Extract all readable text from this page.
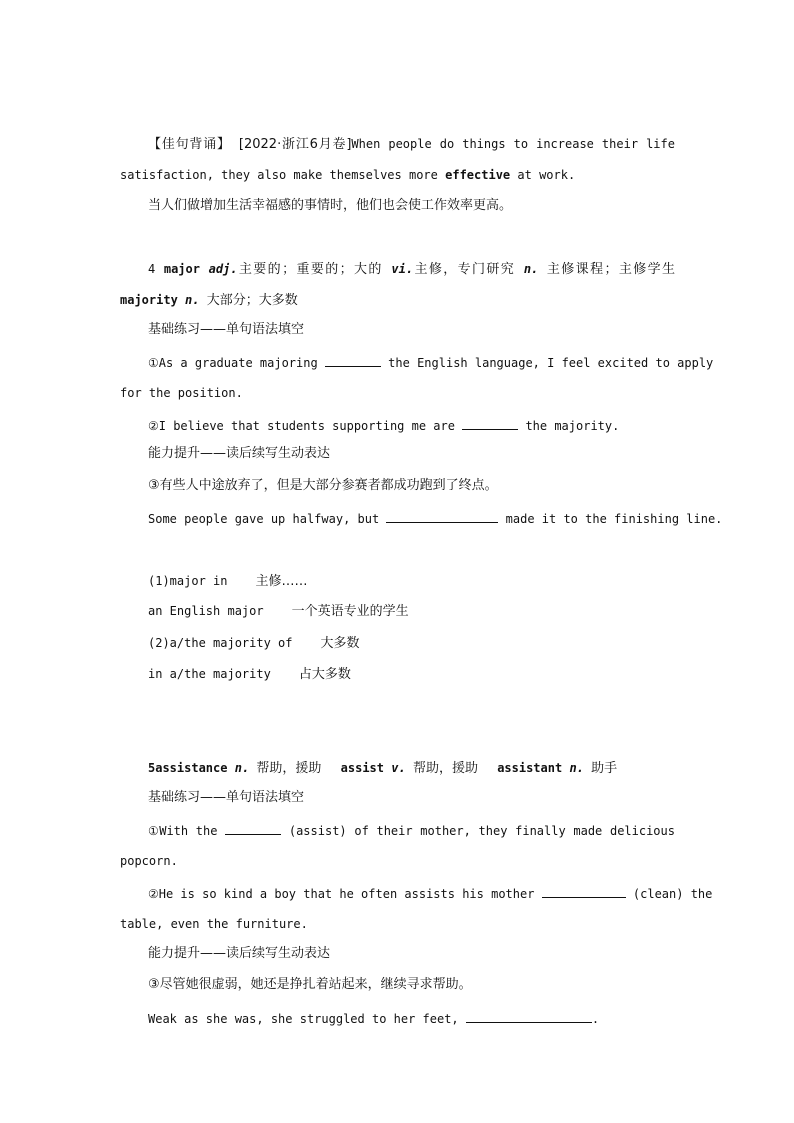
【佳句背诵】 [2022·浙江6月卷]When people do things to increase their life
satisfaction, they also make themselves more effective at work.
当人们做增加生活幸福感的事情时，他们也会使工作效率更高。
4 major adj.主要的；重要的；大的 vi.主修，专门研究 n. 主修课程；主修学生
majority n. 大部分；大多数
基础练习——单句语法填空
①As a graduate majoring	the English language, I feel excited to apply
for the position.
②I believe that students supporting me are	the majority.
能力提升——读后续写生动表达
③有些人中途放弃了，但是大部分参赛者都成功跑到了终点。
Some people gave up halfway, but	made it to the finishing line.
(1)major in 主修……
an English major 一个英语专业的学生
(2)a/the majority of 大多数
in a/the majority 占大多数
5assistance n. 帮助，援助 assist v. 帮助，援助 assistant n. 助手
基础练习——单句语法填空
①With the	(assist) of their mother, they finally made delicious
popcorn.
②He is so kind a boy that he often assists his mother	(clean) the
table, even the furniture.
能力提升——读后续写生动表达
③尽管她很虚弱，她还是挣扎着站起来，继续寻求帮助。
Weak as she was, she struggled to her feet,	.
